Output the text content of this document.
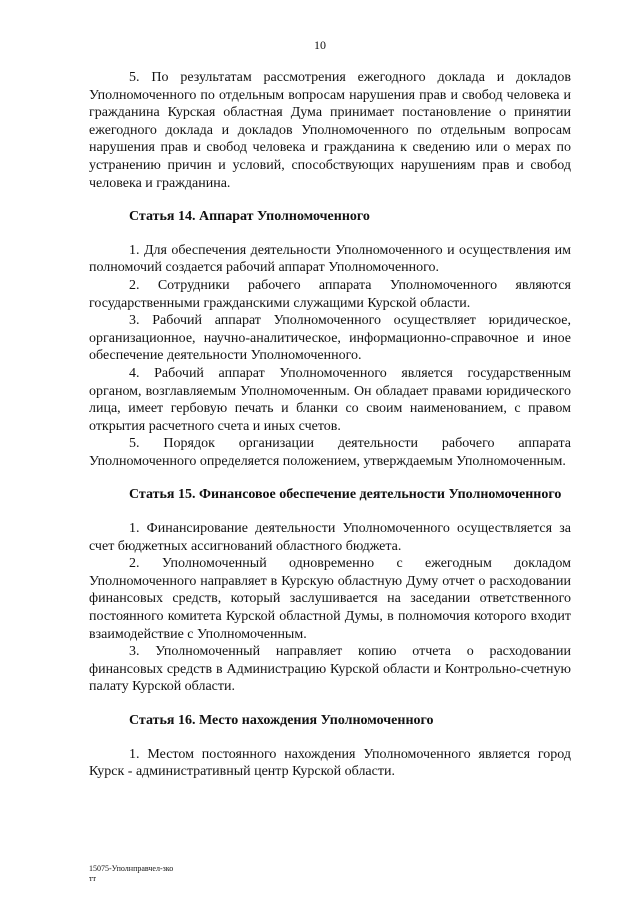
10

5. По результатам рассмотрения ежегодного доклада и докладов Уполномоченного по отдельным вопросам нарушения прав и свобод человека и гражданина Курская областная Дума принимает постановление о принятии ежегодного доклада и докладов Уполномоченного по отдельным вопросам нарушения прав и свобод человека и гражданина к сведению или о мерах по устранению причин и условий, способствующих нарушениям прав и свобод человека и гражданина.

Статья 14. Аппарат Уполномоченного

1. Для обеспечения деятельности Уполномоченного и осуществления им полномочий создается рабочий аппарат Уполномоченного.

2. Сотрудники рабочего аппарата Уполномоченного являются государственными гражданскими служащими Курской области.

3. Рабочий аппарат Уполномоченного осуществляет юридическое, организационное, научно-аналитическое, информационно-справочное и иное обеспечение деятельности Уполномоченного.

4. Рабочий аппарат Уполномоченного является государственным органом, возглавляемым Уполномоченным. Он обладает правами юридического лица, имеет гербовую печать и бланки со своим наименованием, с правом открытия расчетного счета и иных счетов.

5. Порядок организации деятельности рабочего аппарата Уполномоченного определяется положением, утверждаемым Уполномоченным.

Статья 15. Финансовое обеспечение деятельности Уполномоченного

1. Финансирование деятельности Уполномоченного осуществляется за счет бюджетных ассигнований областного бюджета.

2. Уполномоченный одновременно с ежегодным докладом Уполномоченного направляет в Курскую областную Думу отчет о расходовании финансовых средств, который заслушивается на заседании ответственного постоянного комитета Курской областной Думы, в полномочия которого входит взаимодействие с Уполномоченным.

3. Уполномоченный направляет копию отчета о расходовании финансовых средств в Администрацию Курской области и Контрольно-счетную палату Курской области.

Статья 16. Место нахождения Уполномоченного

1. Местом постоянного нахождения Уполномоченного является город Курск - административный центр Курской области.

15075-Уполнправчел-зко
тт
